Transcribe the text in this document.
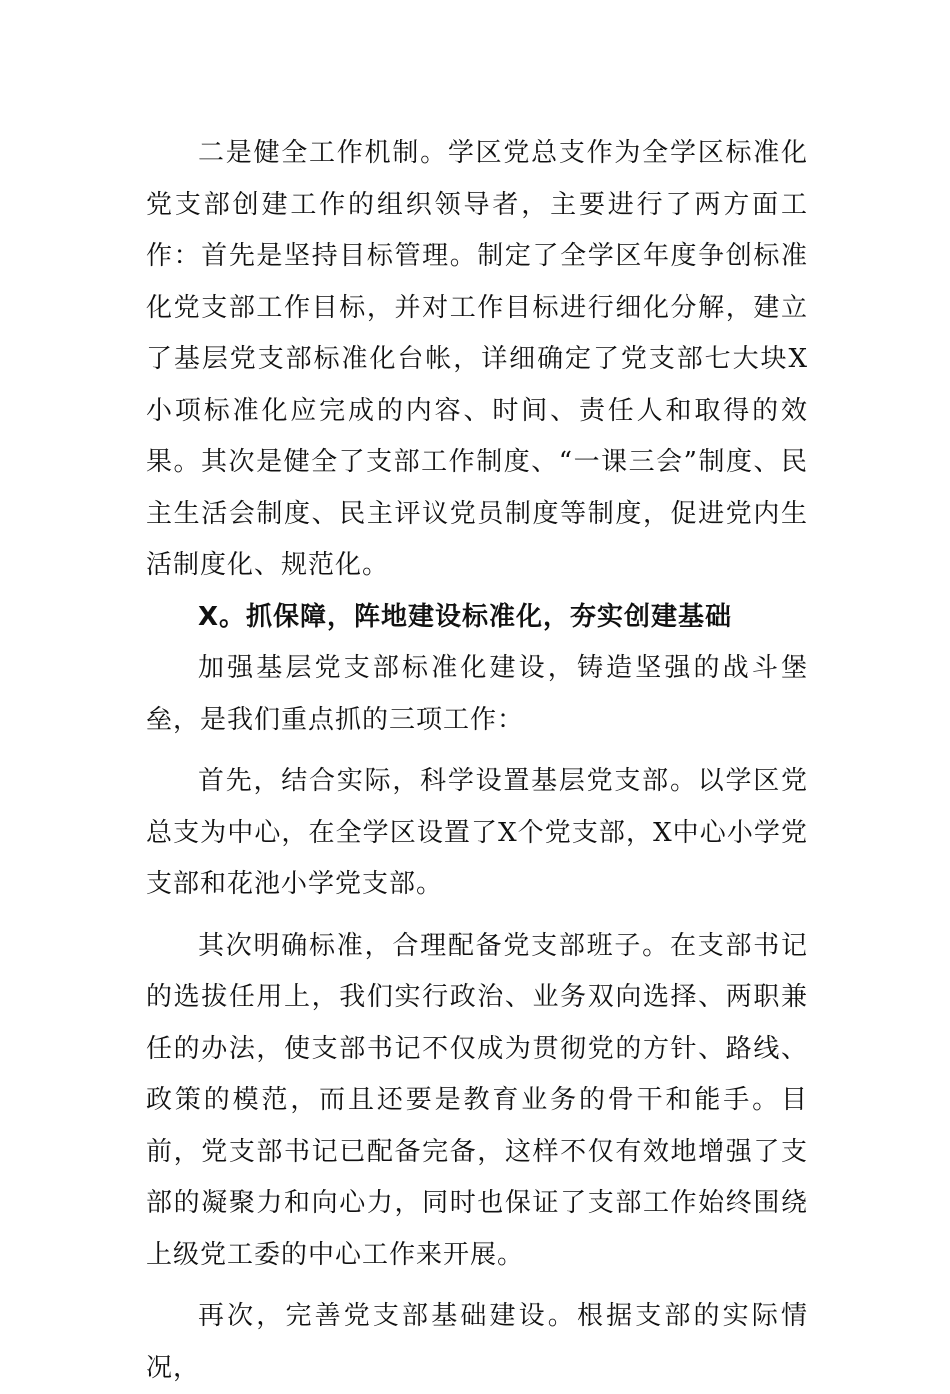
二是健全工作机制。学区党总支作为全学区标准化党支部创建工作的组织领导者，主要进行了两方面工作：首先是坚持目标管理。制定了全学区年度争创标准化党支部工作目标，并对工作目标进行细化分解，建立了基层党支部标准化台帐，详细确定了党支部七大块X小项标准化应完成的内容、时间、责任人和取得的效果。其次是健全了支部工作制度、“一课三会”制度、民主生活会制度、民主评议党员制度等制度，促进党内生活制度化、规范化。

X。抓保障，阵地建设标准化，夯实创建基础

加强基层党支部标准化建设，铸造坚强的战斗堡垒，是我们重点抓的三项工作：

首先，结合实际，科学设置基层党支部。以学区党总支为中心，在全学区设置了X个党支部，X中心小学党支部和花池小学党支部。

其次明确标准，合理配备党支部班子。在支部书记的选拔任用上，我们实行政治、业务双向选择、两职兼任的办法，使支部书记不仅成为贯彻党的方针、路线、政策的模范，而且还要是教育业务的骨干和能手。目前，党支部书记已配备完备，这样不仅有效地增强了支部的凝聚力和向心力，同时也保证了支部工作始终围绕上级党工委的中心工作来开展。

再次，完善党支部基础建设。根据支部的实际情况，
